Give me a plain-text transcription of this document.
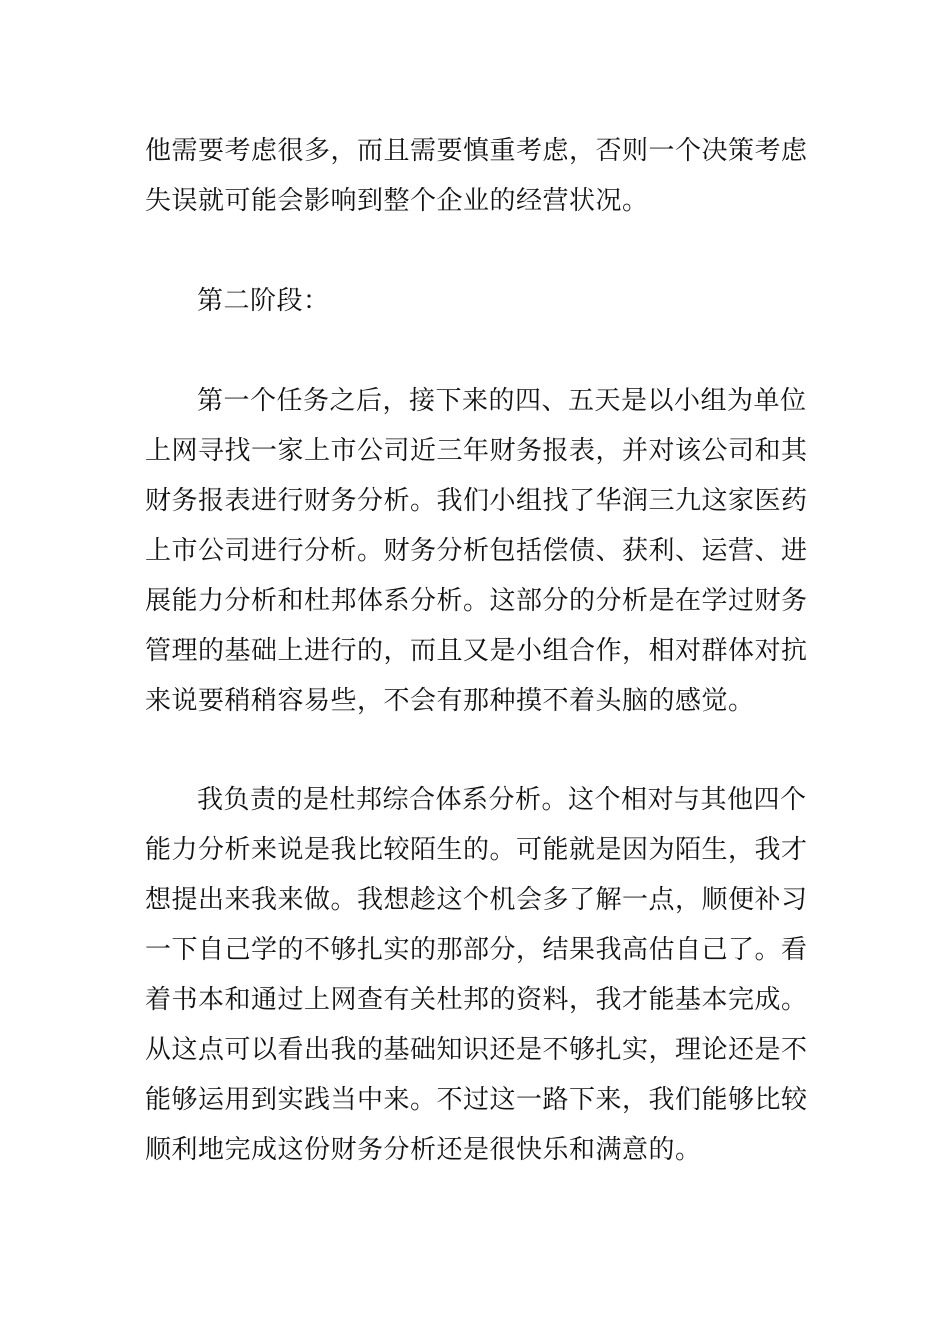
他需要考虑很多，而且需要慎重考虑，否则一个决策考虑
失误就可能会影响到整个企业的经营状况。
第二阶段：
第一个任务之后，接下来的四、五天是以小组为单位
上网寻找一家上市公司近三年财务报表，并对该公司和其
财务报表进行财务分析。我们小组找了华润三九这家医药
上市公司进行分析。财务分析包括偿债、获利、运营、进
展能力分析和杜邦体系分析。这部分的分析是在学过财务
管理的基础上进行的，而且又是小组合作，相对群体对抗
来说要稍稍容易些，不会有那种摸不着头脑的感觉。
我负责的是杜邦综合体系分析。这个相对与其他四个
能力分析来说是我比较陌生的。可能就是因为陌生，我才
想提出来我来做。我想趁这个机会多了解一点，顺便补习
一下自己学的不够扎实的那部分，结果我高估自己了。看
着书本和通过上网查有关杜邦的资料，我才能基本完成。
从这点可以看出我的基础知识还是不够扎实，理论还是不
能够运用到实践当中来。不过这一路下来，我们能够比较
顺利地完成这份财务分析还是很快乐和满意的。
